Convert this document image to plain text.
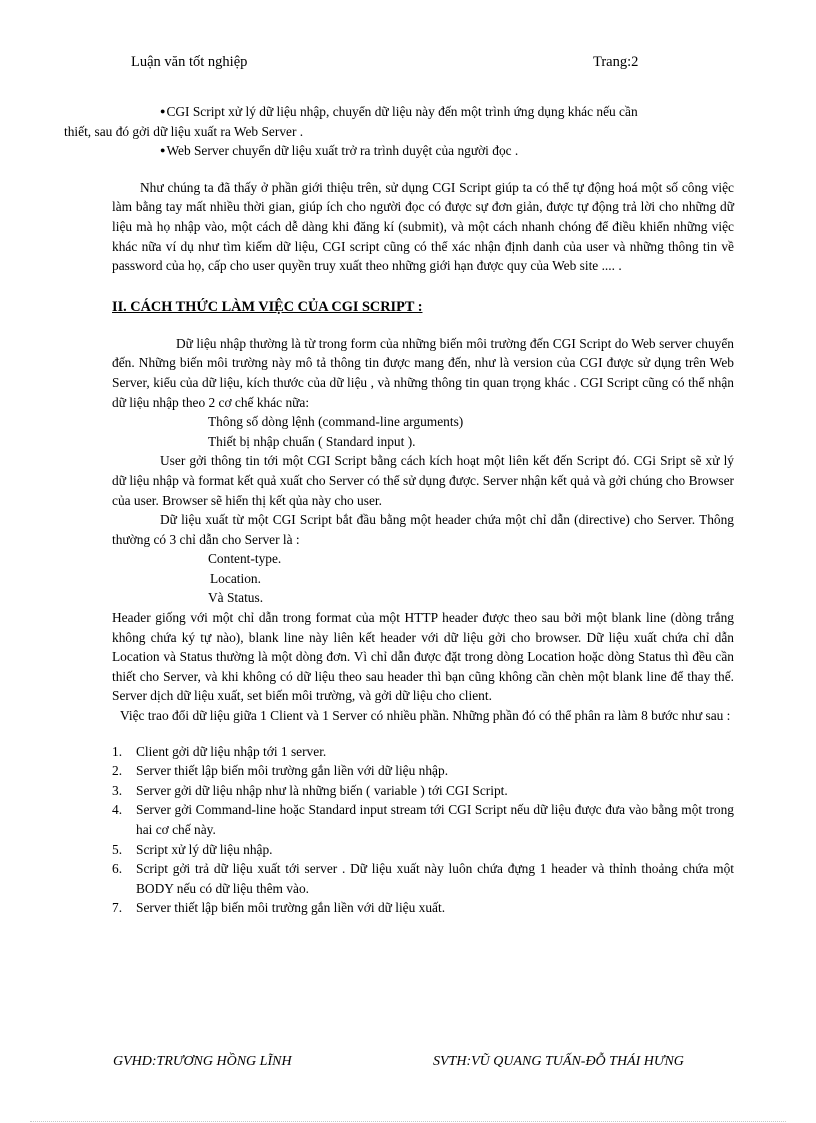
Luận văn tốt nghiệp	Trang:2

●CGI Script xử lý dữ liệu nhập, chuyển dữ liệu này đến một trình ứng dụng khác nếu cần
thiết, sau đó gởi dữ liệu xuất ra Web Server .

●Web Server chuyển dữ liệu xuất trở ra trình duyệt của người đọc .

Như chúng ta đã thấy ở phần giới thiệu trên, sử dụng CGI Script giúp ta có thể tự động hoá một số công việc làm bằng tay mất nhiều thời gian, giúp ích cho người đọc có được sự đơn giản, được tự động trả lời cho những dữ liệu mà họ nhập vào, một cách dễ dàng khi đăng kí (submit), và một cách nhanh chóng để điều khiển những việc khác nữa ví dụ như tìm kiếm dữ liệu, CGI script cũng có thể xác nhận định danh của user và những thông tin về password của họ, cấp cho user quyền truy xuất theo những giới hạn được quy của Web site .... .

II. CÁCH THỨC LÀM VIỆC CỦA CGI SCRIPT :

Dữ liệu nhập thường là từ trong form của những biến môi trường đến CGI Script do Web server chuyển đến. Những biến môi trường này mô tả thông tin được mang đến, như là version của CGI được sử dụng trên Web Server, kiểu của dữ liệu, kích thước của dữ liệu , và những thông tin quan trọng khác . CGI Script cũng có thể nhận dữ liệu nhập theo 2 cơ chế khác nữa:

Thông số dòng lệnh (command-line arguments)

Thiết bị nhập chuẩn ( Standard input ).

User gởi thông tin tới một CGI Script bằng cách kích hoạt một liên kết đến Script đó. CGi Sript sẽ xử lý dữ liệu nhập và format kết quả xuất cho Server có thể sử dụng được. Server nhận kết quả và gởi chúng cho Browser của user. Browser sẽ hiển thị kết qủa này cho user.

Dữ liệu xuất từ một CGI Script bắt đầu bằng một header chứa một chỉ dẫn (directive) cho Server. Thông thường có 3 chỉ dẫn cho Server là :

Content-type.

Location.

Và Status.

Header giống với một chỉ dẫn trong format của một HTTP header được theo sau bởi một blank line (dòng trắng không chứa ký tự nào), blank line này liên kết header với dữ liệu gởi cho browser. Dữ liệu xuất chứa chỉ dẫn Location và Status thường là một dòng đơn. Vì chỉ dẫn được đặt trong dòng Location hoặc dòng Status thì đều cần thiết cho Server, và khi không có dữ liệu theo sau header thì bạn cũng không cần chèn một blank line để thay thế. Server dịch dữ liệu xuất, set biến môi trường, và gởi dữ liệu cho client.

Việc trao đổi dữ liệu giữa 1 Client và 1 Server có nhiều phần. Những phần đó có thể phân ra làm 8 bước như sau :

1. Client gởi dữ liệu nhập tới 1 server.
2. Server thiết lập biến môi trường gắn liền với dữ liệu nhập.
3. Server gởi dữ liệu nhập như là những biến ( variable ) tới CGI Script.
4. Server gởi Command-line hoặc Standard input stream tới CGI Script nếu dữ liệu được đưa vào bằng một trong hai cơ chế này.
5. Script xử lý dữ liệu nhập.
6. Script gởi trả dữ liệu xuất tới server . Dữ liệu xuất này luôn chứa đựng 1 header và thỉnh thoảng chứa một BODY nếu có dữ liệu thêm vào.
7. Server thiết lập biến môi trường gắn liền với dữ liệu xuất.
GVHD:TRƯƠNG HỒNG LĨNH	SVTH:VŨ QUANG TUẤN-ĐỖ THÁI HƯNG
